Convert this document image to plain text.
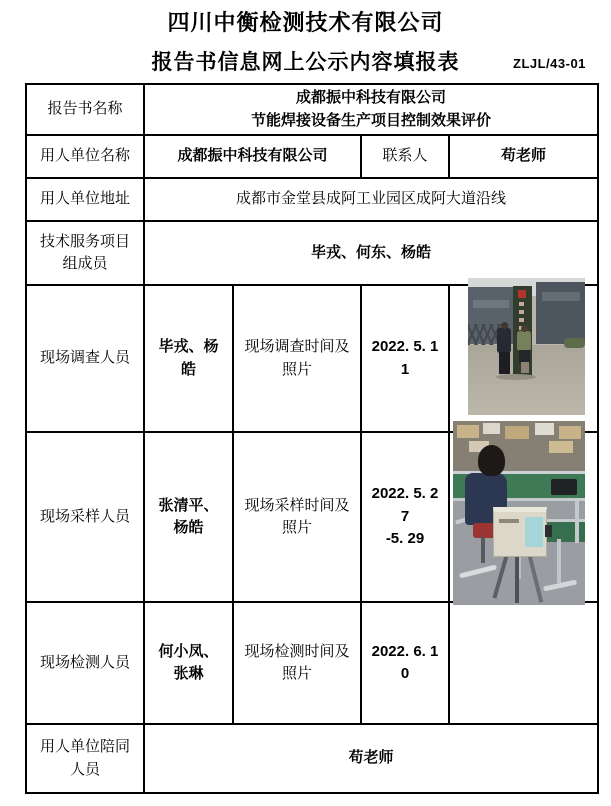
四川中衡检测技术有限公司
报告书信息网上公示内容填报表	ZLJL/43-01
报告书名称	成都振中科技有限公司
节能焊接设备生产项目控制效果评价			

用人单位名称	成都振中科技有限公司		联系人	苟老师
用人单位地址	成都市金堂县成阿工业园区成阿大道沿线			
技术服务项目组成员	毕戎、何东、杨皓			
现场调查人员	毕戎、杨皓	现场调查时间及照片	2022. 5. 11	

现场采样人员	张清平、杨皓	现场采样时间及照片	2022. 5. 27
-5. 29	

现场检测人员	何小凤、张琳	现场检测时间及照片	2022. 6. 10	

用人单位陪同人员	苟老师			
